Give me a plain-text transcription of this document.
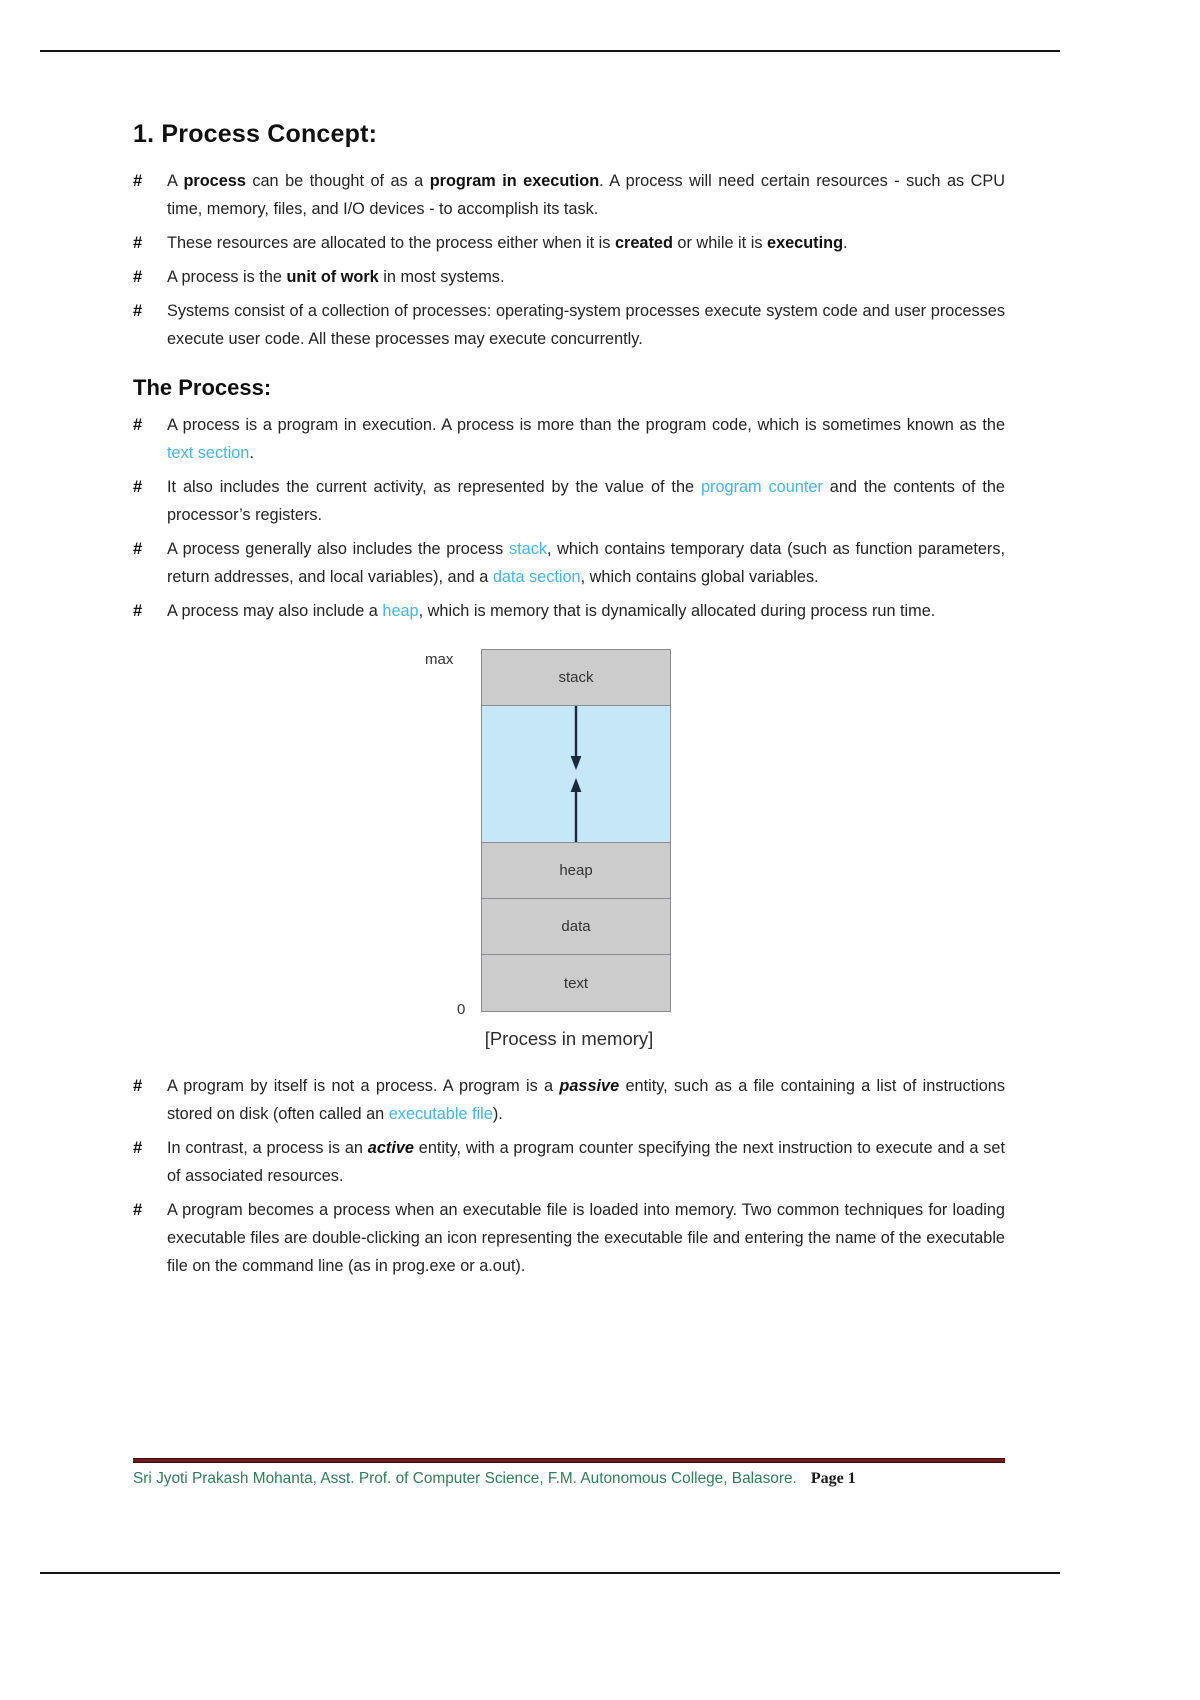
1. Process Concept:
# A process can be thought of as a program in execution. A process will need certain resources - such as CPU time, memory, files, and I/O devices - to accomplish its task.
# These resources are allocated to the process either when it is created or while it is executing.
# A process is the unit of work in most systems.
# Systems consist of a collection of processes: operating-system processes execute system code and user processes execute user code. All these processes may execute concurrently.
The Process:
# A process is a program in execution. A process is more than the program code, which is sometimes known as the text section.
# It also includes the current activity, as represented by the value of the program counter and the contents of the processor’s registers.
# A process generally also includes the process stack, which contains temporary data (such as function parameters, return addresses, and local variables), and a data section, which contains global variables.
# A process may also include a heap, which is memory that is dynamically allocated during process run time.
max
0
stack
heap
data
text
[Process in memory]
# A program by itself is not a process. A program is a passive entity, such as a file containing a list of instructions stored on disk (often called an executable file).
# In contrast, a process is an active entity, with a program counter specifying the next instruction to execute and a set of associated resources.
# A program becomes a process when an executable file is loaded into memory. Two common techniques for loading executable files are double-clicking an icon representing the executable file and entering the name of the executable file on the command line (as in prog.exe or a.out).
Sri Jyoti Prakash Mohanta, Asst. Prof. of Computer Science, F.M. Autonomous College, Balasore. Page 1
